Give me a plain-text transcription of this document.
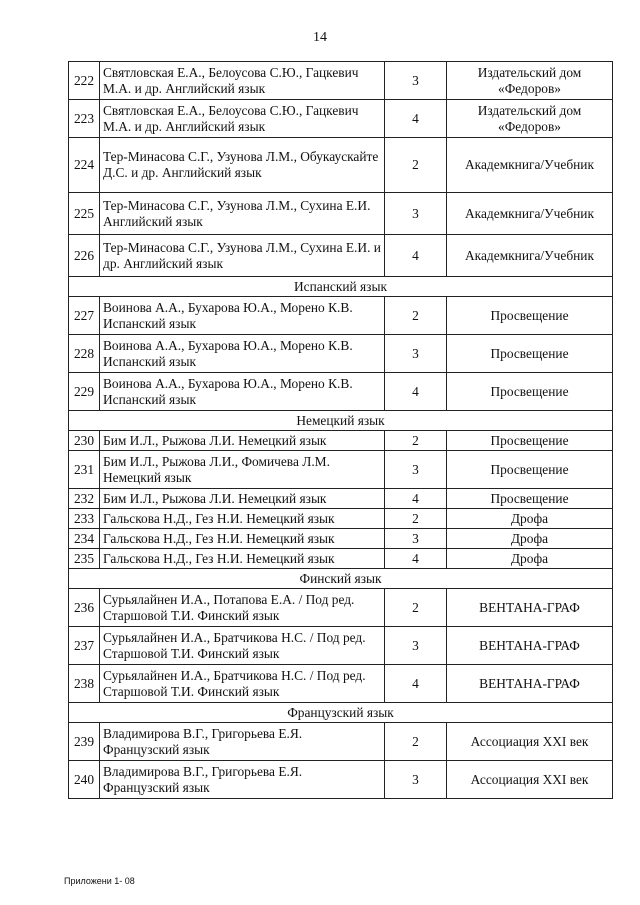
14
222	Святловская Е.А., Белоусова С.Ю., Гацкевич М.А. и др. Английский язык	3	Издательский дом «Федоров»
223	Святловская Е.А., Белоусова С.Ю., Гацкевич М.А. и др. Английский язык	4	Издательский дом «Федоров»
224	Тер-Минасова С.Г., Узунова Л.М., Обукаускайте Д.С. и др. Английский язык	2	Академкнига/Учебник
225	Тер-Минасова С.Г., Узунова Л.М., Сухина Е.И. Английский язык	3	Академкнига/Учебник
226	Тер-Минасова С.Г., Узунова Л.М., Сухина Е.И. и др. Английский язык	4	Академкнига/Учебник
Испанский язык			
227	Воинова А.А., Бухарова Ю.А., Морено К.В. Испанский язык	2	Просвещение
228	Воинова А.А., Бухарова Ю.А., Морено К.В. Испанский язык	3	Просвещение
229	Воинова А.А., Бухарова Ю.А., Морено К.В. Испанский язык	4	Просвещение
Немецкий язык			
230	Бим И.Л., Рыжова Л.И. Немецкий язык	2	Просвещение
231	Бим И.Л., Рыжова Л.И., Фомичева Л.М. Немецкий язык	3	Просвещение
232	Бим И.Л., Рыжова Л.И. Немецкий язык	4	Просвещение
233	Гальскова Н.Д., Гез Н.И. Немецкий язык	2	Дрофа
234	Гальскова Н.Д., Гез Н.И. Немецкий язык	3	Дрофа
235	Гальскова Н.Д., Гез Н.И. Немецкий язык	4	Дрофа
Финский язык			
236	Сурьялайнен И.А., Потапова Е.А. / Под ред. Старшовой Т.И. Финский язык	2	ВЕНТАНА-ГРАФ
237	Сурьялайнен И.А., Братчикова Н.С. / Под ред. Старшовой Т.И. Финский язык	3	ВЕНТАНА-ГРАФ
238	Сурьялайнен И.А., Братчикова Н.С. / Под ред. Старшовой Т.И. Финский язык	4	ВЕНТАНА-ГРАФ
Французский язык			
239	Владимирова В.Г., Григорьева Е.Я. Французский язык	2	Ассоциация XXI век
240	Владимирова В.Г., Григорьева Е.Я. Французский язык	3	Ассоциация XXI век
Приложени 1- 08
